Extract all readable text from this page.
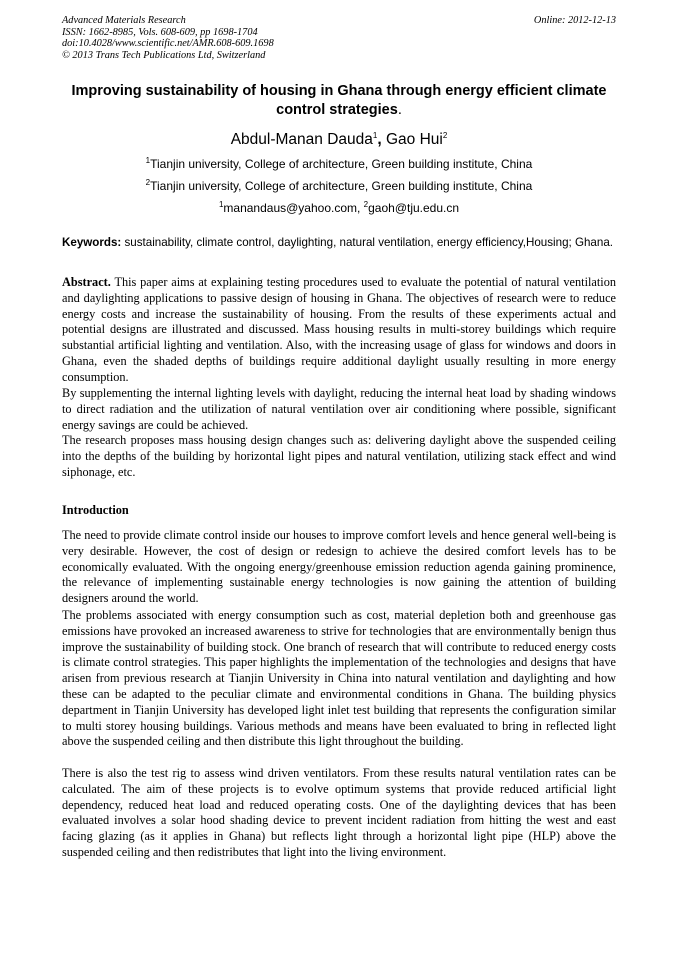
Advanced Materials Research
ISSN: 1662-8985, Vols. 608-609, pp 1698-1704
doi:10.4028/www.scientific.net/AMR.608-609.1698
© 2013 Trans Tech Publications Ltd, Switzerland
Online: 2012-12-13
Improving sustainability of housing in Ghana through energy efficient climate control strategies.
Abdul-Manan Dauda$^1$, Gao Hui$^2$
$^1$Tianjin university, College of architecture, Green building institute, China
$^2$Tianjin university, College of architecture, Green building institute, China
$^1$manandaus@yahoo.com, $^2$gaoh@tju.edu.cn
Keywords: sustainability, climate control, daylighting, natural ventilation, energy efficiency,Housing; Ghana.

Abstract. This paper aims at explaining testing procedures used to evaluate the potential of natural ventilation and daylighting applications to passive design of housing in Ghana. The objectives of research were to reduce energy costs and increase the sustainability of housing. From the results of these experiments actual and potential designs are illustrated and discussed. Mass housing results in multi-storey buildings which require substantial artificial lighting and ventilation. Also, with the increasing usage of glass for windows and doors in Ghana, even the shaded depths of buildings require additional daylight usually resulting in more energy consumption.

By supplementing the internal lighting levels with daylight, reducing the internal heat load by shading windows to direct radiation and the utilization of natural ventilation over air conditioning where possible, significant energy savings are could be achieved.

The research proposes mass housing design changes such as: delivering daylight above the suspended ceiling into the depths of the building by horizontal light pipes and natural ventilation, utilizing stack effect and wind siphonage, etc.

Introduction

The need to provide climate control inside our houses to improve comfort levels and hence general well-being is very desirable. However, the cost of design or redesign to achieve the desired comfort levels has to be economically evaluated. With the ongoing energy/greenhouse emission reduction agenda gaining prominence, the relevance of implementing sustainable energy technologies is now gaining the attention of building designers around the world.

The problems associated with energy consumption such as cost, material depletion both and greenhouse gas emissions have provoked an increased awareness to strive for technologies that are environmentally benign thus improve the sustainability of building stock. One branch of research that will contribute to reduced energy costs is climate control strategies. This paper highlights the implementation of the technologies and designs that have arisen from previous research at Tianjin University in China into natural ventilation and daylighting and how these can be adapted to the peculiar climate and environmental conditions in Ghana. The building physics department in Tianjin University has developed light inlet test building that represents the configuration similar to multi storey housing buildings. Various methods and means have been evaluated to bring in reflected light above the suspended ceiling and then distribute this light throughout the building.

There is also the test rig to assess wind driven ventilators. From these results natural ventilation rates can be calculated. The aim of these projects is to evolve optimum systems that provide reduced artificial light dependency, reduced heat load and reduced operating costs. One of the daylighting devices that has been evaluated involves a solar hood shading device to prevent incident radiation from hitting the west and east facing glazing (as it applies in Ghana) but reflects light through a horizontal light pipe (HLP) above the suspended ceiling and then redistributes that light into the living environment.
